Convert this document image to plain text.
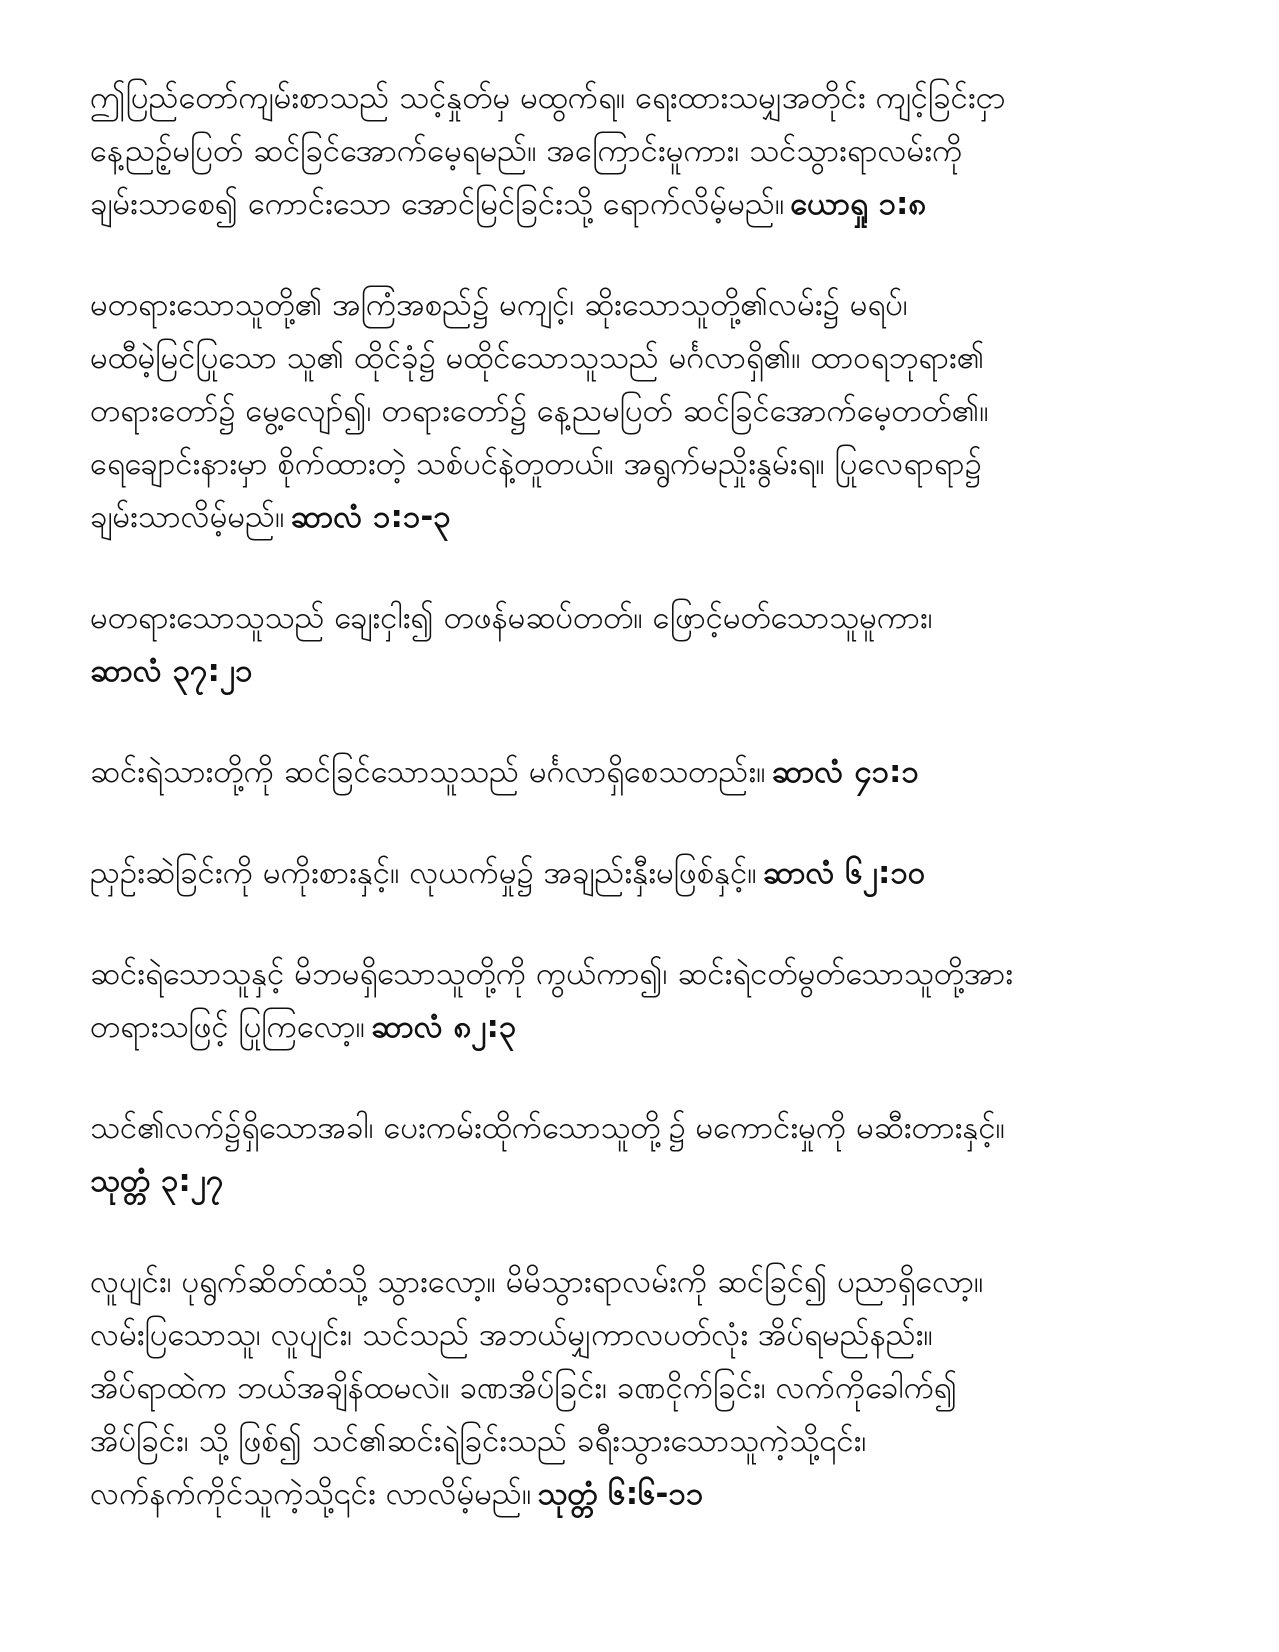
ဤပြည်တော်ကျမ်းစာသည် သင့်နှုတ်မှ မထွက်ရ။ ရေးထားသမျှအတိုင်း ကျင့်ခြင်းငှာ
နေ့ညဉ့်မပြတ် ဆင်ခြင်အောက်မေ့ရမည်။ အကြောင်းမူကား၊ သင်သွားရာလမ်းကို
ချမ်းသာစေ၍ ကောင်းသော အောင်မြင်ခြင်းသို့ ရောက်လိမ့်မည်။ ယောရှု ၁:၈
မတရားသောသူတို့၏ အကြံအစည်၌ မကျင့်၊ ဆိုးသောသူတို့၏လမ်း၌ မရပ်၊
မထီမဲ့မြင်ပြုသော သူ၏ ထိုင်ခုံ၌ မထိုင်သောသူသည် မင်္ဂလာရှိ၏။ ထာဝရဘုရား၏
တရားတော်၌ မွေ့လျော်၍၊ တရားတော်၌ နေ့ညမပြတ် ဆင်ခြင်အောက်မေ့တတ်၏။
ရေချောင်းနားမှာ စိုက်ထားတဲ့ သစ်ပင်နဲ့တူတယ်။ အရွက်မညှိုးနွမ်းရ။ ပြုလေရာရာ၌
ချမ်းသာလိမ့်မည်။ ဆာလံ ၁:၁-၃
မတရားသောသူသည် ချေးငှါး၍ တဖန်မဆပ်တတ်။ ဖြောင့်မတ်သောသူမူကား၊
ဆာလံ ၃၇:၂၁
ဆင်းရဲသားတို့ကို ဆင်ခြင်သောသူသည် မင်္ဂလာရှိစေသတည်း။ ဆာလံ ၄၁:၁
ညှဉ်းဆဲခြင်းကို မကိုးစားနှင့်။ လုယက်မှု၌ အချည်းနှီးမဖြစ်နှင့်။ ဆာလံ ၆၂:၁၀
ဆင်းရဲသောသူနှင့် မိဘမရှိသောသူတို့ကို ကွယ်ကာ၍၊ ဆင်းရဲငတ်မွတ်သောသူတို့အား
တရားသဖြင့် ပြုကြလော့။ ဆာလံ ၈၂:၃
သင်၏လက်၌ရှိသောအခါ၊ ပေးကမ်းထိုက်သောသူတို့၌ မကောင်းမှုကို မဆီးတားနှင့်။
သုတ္တံ ၃:၂၇
လူပျင်း၊ ပုရွက်ဆိတ်ထံသို့ သွားလော့။ မိမိသွားရာလမ်းကို ဆင်ခြင်၍ ပညာရှိလော့။
လမ်းပြသောသူ၊ လူပျင်း၊ သင်သည် အဘယ်မျှကာလပတ်လုံး အိပ်ရမည်နည်း။
အိပ်ရာထဲက ဘယ်အချိန်ထမလဲ။ ခဏအိပ်ခြင်း၊ ခဏငိုက်ခြင်း၊ လက်ကိုခေါက်၍
အိပ်ခြင်း၊ သို့ ဖြစ်၍ သင်၏ဆင်းရဲခြင်းသည် ခရီးသွားသောသူကဲ့သို့၎င်း၊
လက်နက်ကိုင်သူကဲ့သို့၎င်း လာလိမ့်မည်။ သုတ္တံ ၆:၆-၁၁
